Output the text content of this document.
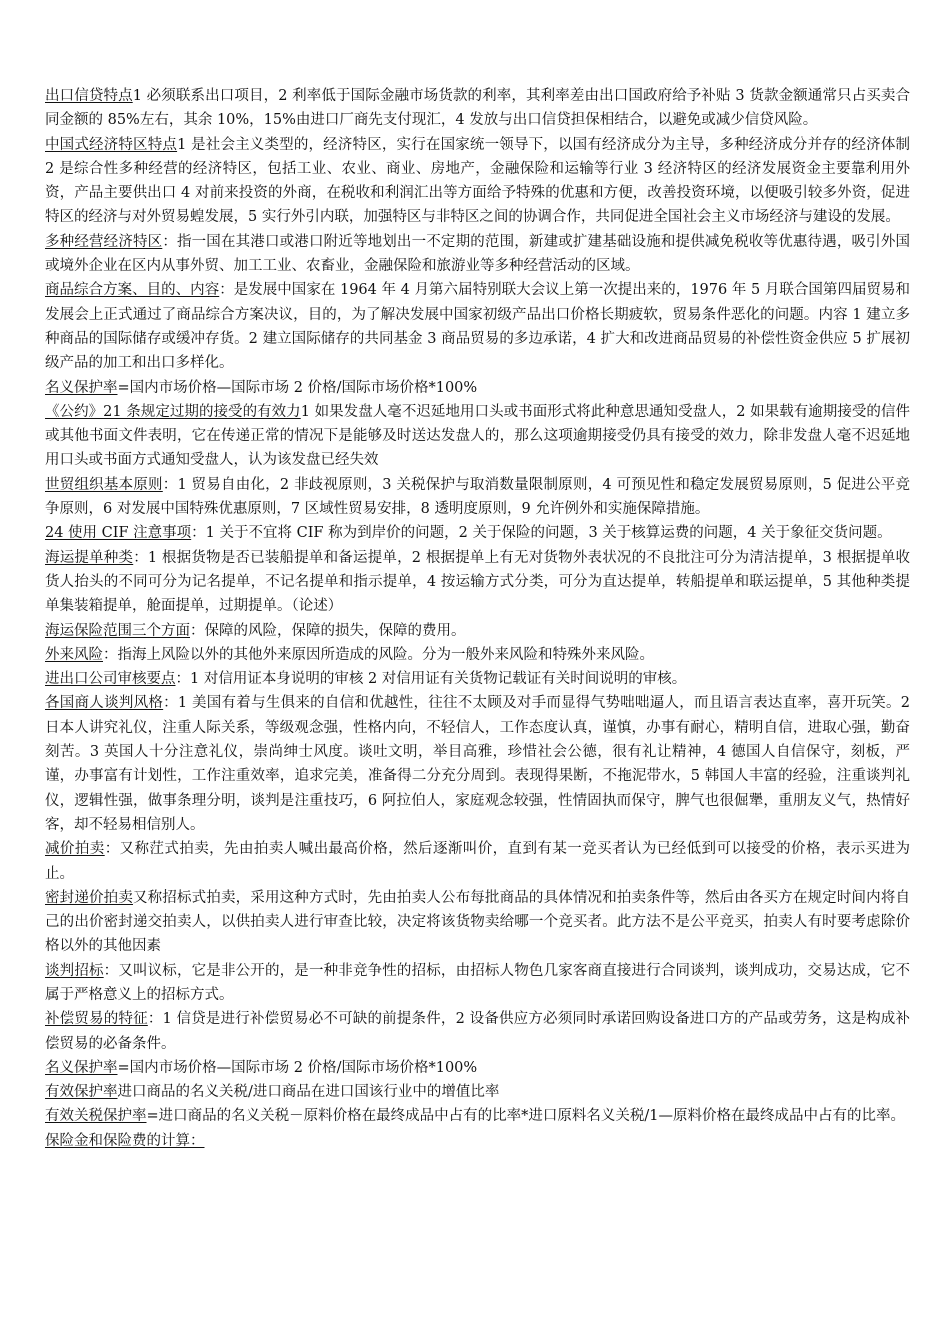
出口信贷特点1 必须联系出口项目，2 利率低于国际金融市场货款的利率，其利率差由出口国政府给予补贴 3 货款金额通常只占买卖合同金额的 85%左右，其余 10%，15%由进口厂商先支付现汇，4 发放与出口信贷担保相结合，以避免或减少信贷风险。
中国式经济特区特点1 是社会主义类型的，经济特区，实行在国家统一领导下，以国有经济成分为主导，多种经济成分并存的经济体制 2 是综合性多种经营的经济特区，包括工业、农业、商业、房地产，金融保险和运输等行业 3 经济特区的经济发展资金主要靠利用外资，产品主要供出口 4 对前来投资的外商，在税收和利润汇出等方面给予特殊的优惠和方便，改善投资环境，以便吸引较多外资，促进特区的经济与对外贸易蝗发展，5 实行外引内联，加强特区与非特区之间的协调合作，共同促进全国社会主义市场经济与建设的发展。
多种经营经济特区：指一国在其港口或港口附近等地划出一不定期的范围，新建或扩建基础设施和提供减免税收等优惠待遇，吸引外国或境外企业在区内从事外贸、加工工业、农畜业，金融保险和旅游业等多种经营活动的区域。
商品综合方案、目的、内容：是发展中国家在 1964 年 4 月第六届特别联大会议上第一次提出来的，1976 年 5 月联合国第四届贸易和发展会上正式通过了商品综合方案决议，目的，为了解决发展中国家初级产品出口价格长期疲软，贸易条件恶化的问题。内容 1 建立多种商品的国际储存或缓冲存货。2 建立国际储存的共同基金 3 商品贸易的多边承诺，4 扩大和改进商品贸易的补偿性资金供应 5 扩展初级产品的加工和出口多样化。
名义保护率=国内市场价格—国际市场 2 价格/国际市场价格*100%
《公约》21 条规定过期的接受的有效力1 如果发盘人毫不迟延地用口头或书面形式将此种意思通知受盘人，2 如果载有逾期接受的信件或其他书面文件表明，它在传递正常的情况下是能够及时送达发盘人的，那么这项逾期接受仍具有接受的效力，除非发盘人毫不迟延地用口头或书面方式通知受盘人，认为该发盘已经失效
世贸组织基本原则：1 贸易自由化，2 非歧视原则，3 关税保护与取消数量限制原则，4 可预见性和稳定发展贸易原则，5 促进公平竞争原则，6 对发展中国特殊优惠原则，7 区域性贸易安排，8 透明度原则，9 允许例外和实施保障措施。
24 使用 CIF 注意事项：1 关于不宜将 CIF 称为到岸价的问题，2 关于保险的问题，3 关于核算运费的问题，4 关于象征交货问题。
海运提单种类：1 根据货物是否已装船提单和备运提单，2 根据提单上有无对货物外表状况的不良批注可分为清洁提单，3 根据提单收货人抬头的不同可分为记名提单，不记名提单和指示提单，4 按运输方式分类，可分为直达提单，转船提单和联运提单，5 其他种类提单集装箱提单，舱面提单，过期提单。（论述）
海运保险范围三个方面：保障的风险，保障的损失，保障的费用。
外来风险：指海上风险以外的其他外来原因所造成的风险。分为一般外来风险和特殊外来风险。
进出口公司审核要点：1 对信用证本身说明的审核 2 对信用证有关货物记载证有关时间说明的审核。
各国商人谈判风格：1 美国有着与生俱来的自信和优越性，往往不太顾及对手而显得气势咄咄逼人，而且语言表达直率，喜开玩笑。2 日本人讲究礼仪，注重人际关系，等级观念强，性格内向，不轻信人，工作态度认真，谨慎，办事有耐心，精明自信，进取心强，勤奋刻苦。3 英国人十分注意礼仪，崇尚绅士风度。谈吐文明，举目高雅，珍惜社会公德，很有礼让精神，4 德国人自信保守，刻板，严谨，办事富有计划性，工作注重效率，追求完美，准备得二分充分周到。表现得果断，不拖泥带水，5 韩国人丰富的经验，注重谈判礼仪，逻辑性强，做事条理分明，谈判是注重技巧，6 阿拉伯人，家庭观念较强，性情固执而保守，脾气也很倔犟，重朋友义气，热情好客，却不轻易相信别人。
减价拍卖：又称茳式拍卖，先由拍卖人喊出最高价格，然后逐渐叫价，直到有某一竞买者认为已经低到可以接受的价格，表示买进为止。
密封递价拍卖又称招标式拍卖，采用这种方式时，先由拍卖人公布每批商品的具体情况和拍卖条件等，然后由各买方在规定时间内将自己的出价密封递交拍卖人，以供拍卖人进行审查比较，决定将该货物卖给哪一个竞买者。此方法不是公平竞买，拍卖人有时要考虑除价格以外的其他因素
谈判招标：又叫议标，它是非公开的，是一种非竞争性的招标，由招标人物色几家客商直接进行合同谈判，谈判成功，交易达成，它不属于严格意义上的招标方式。
补偿贸易的特征：1 信贷是进行补偿贸易必不可缺的前提条件，2 设备供应方必须同时承诺回购设备进口方的产品或劳务，这是构成补偿贸易的必备条件。
名义保护率=国内市场价格—国际市场 2 价格/国际市场价格*100%
有效保护率进口商品的名义关税/进口商品在进口国该行业中的增值比率
有效关税保护率=进口商品的名义关税－原料价格在最终成品中占有的比率*进口原料名义关税/1—原料价格在最终成品中占有的比率。
保险金和保险费的计算：
